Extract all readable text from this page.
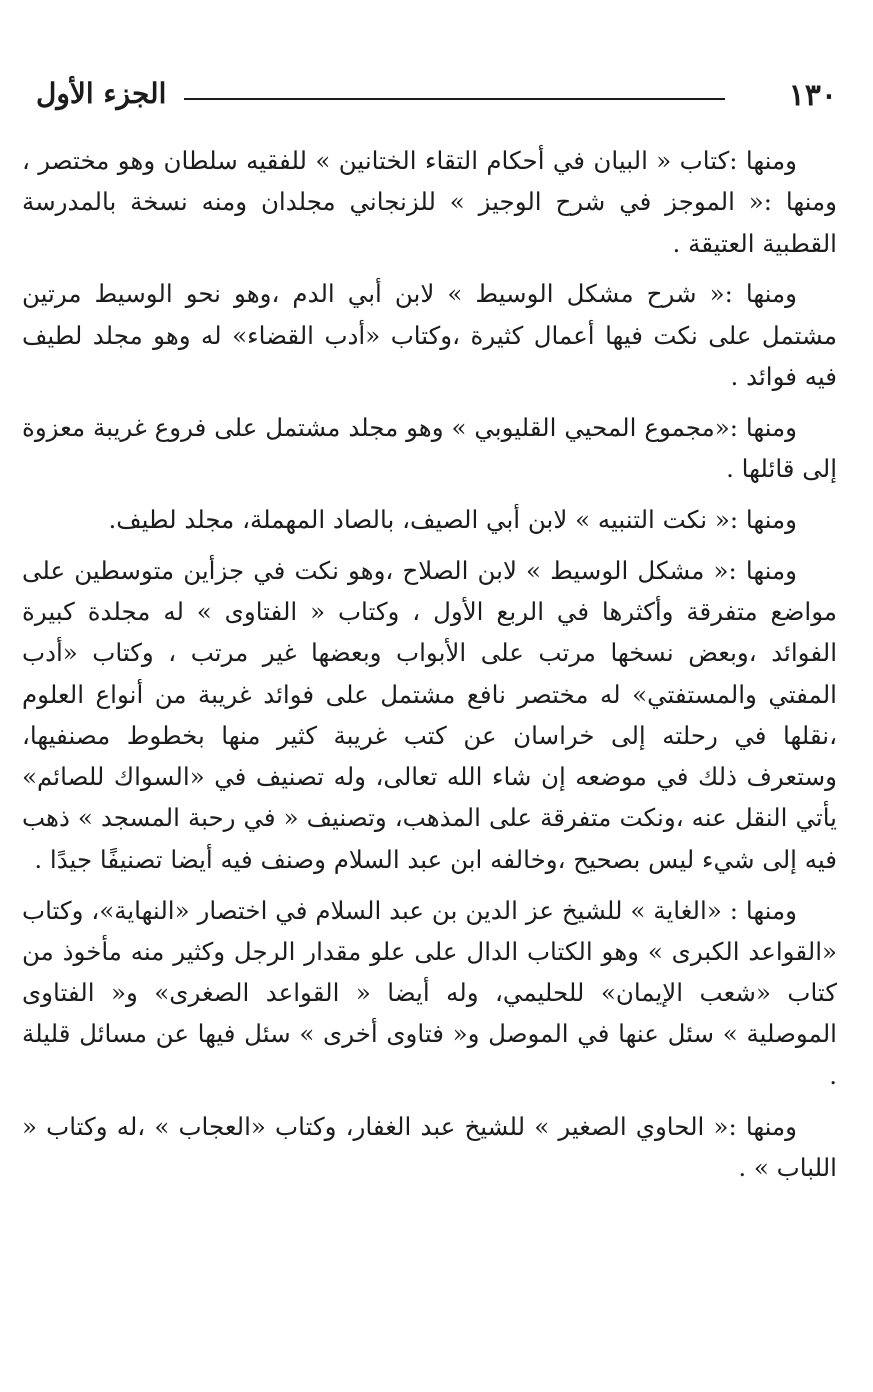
١٣٠
الجزء الأول

ومنها :كتاب « البيان في أحكام التقاء الختانين » للفقيه سلطان وهو مختصر ، ومنها :« الموجز في شرح الوجيز » للزنجاني مجلدان ومنه نسخة بالمدرسة القطبية العتيقة .

ومنها :« شرح مشكل الوسيط » لابن أبي الدم ،وهو نحو الوسيط مرتين مشتمل على نكت فيها أعمال كثيرة ،وكتاب «أدب القضاء» له وهو مجلد لطيف فيه فوائد .

ومنها :«مجموع المحيي القليوبي » وهو مجلد مشتمل على فروع غريبة معزوة إلى قائلها .

ومنها :« نكت التنبيه » لابن أبي الصيف، بالصاد المهملة، مجلد لطيف.

ومنها :« مشكل الوسيط » لابن الصلاح ،وهو نكت في جزأين متوسطين على مواضع متفرقة وأكثرها في الربع الأول ، وكتاب « الفتاوى » له مجلدة كبيرة الفوائد ،وبعض نسخها مرتب على الأبواب وبعضها غير مرتب ، وكتاب «أدب المفتي والمستفتي» له مختصر نافع مشتمل على فوائد غريبة من أنواع العلوم ،نقلها في رحلته إلى خراسان عن كتب غريبة كثير منها بخطوط مصنفيها، وستعرف ذلك في موضعه إن شاء الله تعالى، وله تصنيف في «السواك للصائم» يأتي النقل عنه ،ونكت متفرقة على المذهب، وتصنيف « في رحبة المسجد » ذهب فيه إلى شيء ليس بصحيح ،وخالفه ابن عبد السلام وصنف فيه أيضا تصنيفًا جيدًا .

ومنها : «الغاية » للشيخ عز الدين بن عبد السلام في اختصار «النهاية»، وكتاب «القواعد الكبرى » وهو الكتاب الدال على علو مقدار الرجل وكثير منه مأخوذ من كتاب «شعب الإيمان» للحليمي، وله أيضا « القواعد الصغرى» و« الفتاوى الموصلية » سئل عنها في الموصل و« فتاوى أخرى » سئل فيها عن مسائل قليلة .

ومنها :« الحاوي الصغير » للشيخ عبد الغفار، وكتاب «العجاب » ،له وكتاب « اللباب » .
